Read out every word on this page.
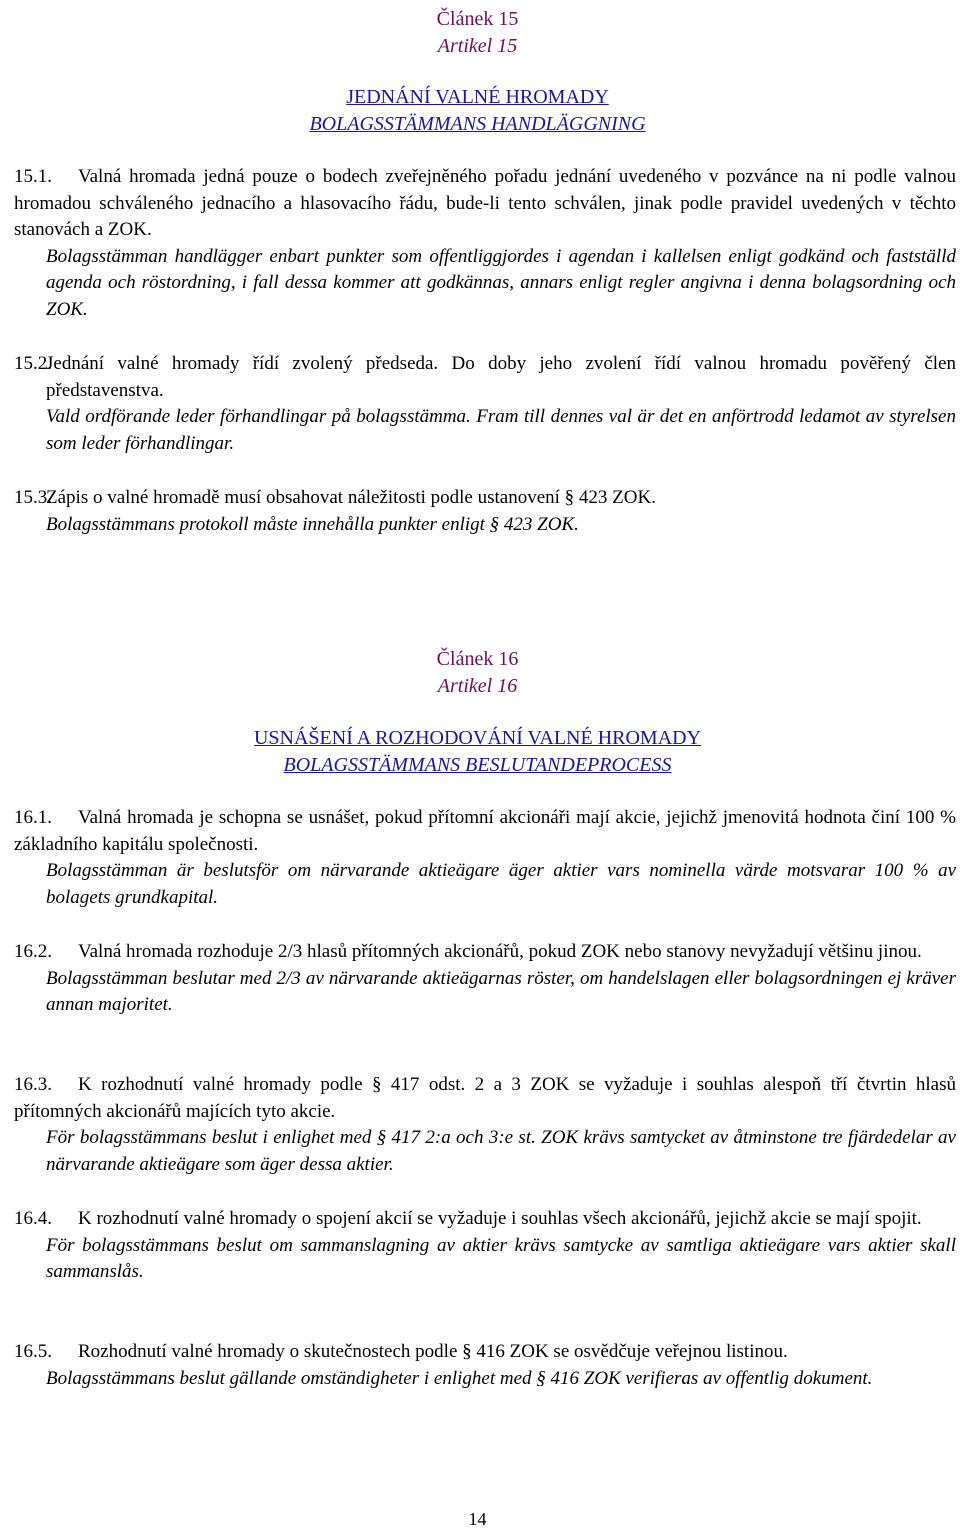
Článek 15
Artikel 15
JEDNÁNÍ VALNÉ HROMADY
BOLAGSSTÄMMANS HANDLÄGGNING
15.1.	Valná hromada jedná pouze o bodech zveřejněného pořadu jednání uvedeného v pozvánce na ni podle valnou hromadou schváleného jednacího a hlasovacího řádu, bude-li tento schválen, jinak podle pravidel uvedených v těchto stanovách a ZOK.
Bolagsstämman handlägger enbart punkter som offentliggjordes i agendan i kallelsen enligt godkänd och fastställd agenda och röstordning, i fall dessa kommer att godkännas, annars enligt regler angivna i denna bolagsordning och ZOK.
15.2.
Jednání valné hromady řídí zvolený předseda. Do doby jeho zvolení řídí valnou hromadu pověřený člen představenstva.
Vald ordförande leder förhandlingar på bolagsstämma. Fram till dennes val är det en anförtrodd ledamot av styrelsen som leder förhandlingar.
15.3.
Zápis o valné hromadě musí obsahovat náležitosti podle ustanovení § 423 ZOK.
Bolagsstämmans protokoll måste innehålla punkter enligt § 423 ZOK.
Článek 16
Artikel 16
USNÁŠENÍ A ROZHODOVÁNÍ VALNÉ HROMADY
BOLAGSSTÄMMANS BESLUTANDEPROCESS
16.1.	Valná hromada je schopna se usnášet, pokud přítomní akcionáři mají akcie, jejichž jmenovitá hodnota činí 100 % základního kapitálu společnosti.
Bolagsstämman är beslutsför om närvarande aktieägare äger aktier vars nominella värde motsvarar 100 % av bolagets grundkapital.
16.2.	Valná hromada rozhoduje 2/3 hlasů přítomných akcionářů, pokud ZOK nebo stanovy nevyžadují většinu jinou.
Bolagsstämman beslutar med 2/3 av närvarande aktieägarnas röster, om handelslagen eller bolagsordningen ej kräver annan majoritet.
16.3.	K rozhodnutí valné hromady podle § 417 odst. 2 a 3 ZOK se vyžaduje i souhlas alespoň tří čtvrtin hlasů přítomných akcionářů majících tyto akcie.
För bolagsstämmans beslut i enlighet med § 417 2:a och 3:e st. ZOK krävs samtycket av åtminstone tre fjärdedelar av närvarande aktieägare som äger dessa aktier.
16.4.	K rozhodnutí valné hromady o spojení akcií se vyžaduje i souhlas všech akcionářů, jejichž akcie se mají spojit.
För bolagsstämmans beslut om sammanslagning av aktier krävs samtycke av samtliga aktieägare vars aktier skall sammanslås.
16.5.	Rozhodnutí valné hromady o skutečnostech podle § 416 ZOK se osvědčuje veřejnou listinou.
Bolagsstämmans beslut gällande omständigheter i enlighet med § 416 ZOK verifieras av offentlig dokument.
14
